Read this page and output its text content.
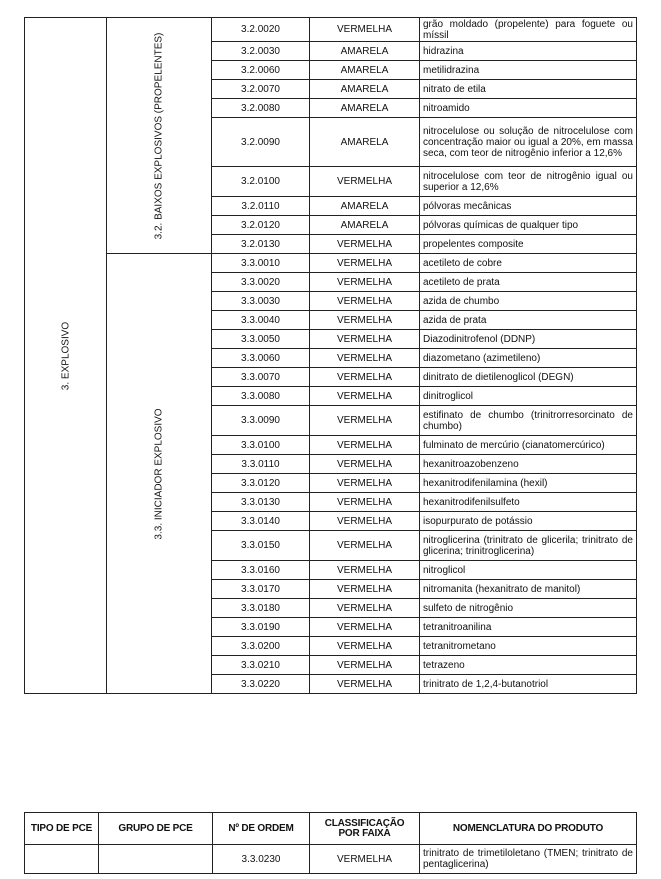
3. EXPLOSIVO	3.2. BAIXOS EXPLOSIVOS (PROPELENTES)	3.2.0020	VERMELHA	grão moldado (propelente) para foguete ou míssil
		3.2.0030	AMARELA	hidrazina
		3.2.0060	AMARELA	metilidrazina
		3.2.0070	AMARELA	nitrato de etila
		3.2.0080	AMARELA	nitroamido
		3.2.0090	AMARELA	nitrocelulose ou solução de nitrocelulose com concentração maior ou igual a 20%, em massa seca, com teor de nitrogênio inferior a 12,6%
		3.2.0100	VERMELHA	nitrocelulose com teor de nitrogênio igual ou superior a 12,6%
		3.2.0110	AMARELA	pólvoras mecânicas
		3.2.0120	AMARELA	pólvoras químicas de qualquer tipo
		3.2.0130	VERMELHA	propelentes composite

	3.3. INICIADOR EXPLOSIVO	3.3.0010	VERMELHA	acetileto de cobre
		3.3.0020	VERMELHA	acetileto de prata
		3.3.0030	VERMELHA	azida de chumbo
		3.3.0040	VERMELHA	azida de prata
		3.3.0050	VERMELHA	Diazodinitrofenol (DDNP)
		3.3.0060	VERMELHA	diazometano (azimetileno)
		3.3.0070	VERMELHA	dinitrato de dietilenoglicol (DEGN)
		3.3.0080	VERMELHA	dinitroglicol
		3.3.0090	VERMELHA	estifinato de chumbo (trinitrorresorcinato de chumbo)
		3.3.0100	VERMELHA	fulminato de mercúrio (cianatomercúrico)
		3.3.0110	VERMELHA	hexanitroazobenzeno
		3.3.0120	VERMELHA	hexanitrodifenilamina (hexil)
		3.3.0130	VERMELHA	hexanitrodifenilsulfeto
		3.3.0140	VERMELHA	isopurpurato de potássio
		3.3.0150	VERMELHA	nitroglicerina (trinitrato de glicerila; trinitrato de glicerina; trinitroglicerina)
		3.3.0160	VERMELHA	nitroglicol
		3.3.0170	VERMELHA	nitromanita (hexanitrato de manitol)
		3.3.0180	VERMELHA	sulfeto de nitrogênio
		3.3.0190	VERMELHA	tetranitroanilina
		3.3.0200	VERMELHA	tetranitrometano
		3.3.0210	VERMELHA	tetrazeno
		3.3.0220	VERMELHA	trinitrato de 1,2,4-butanotriol
TIPO DE PCE	GRUPO DE PCE	Nº DE ORDEM	CLASSIFICAÇÃO POR FAIXA	NOMENCLATURA DO PRODUTO
		3.3.0230	VERMELHA	trinitrato de trimetiloletano (TMEN; trinitrato de pentaglicerina)
